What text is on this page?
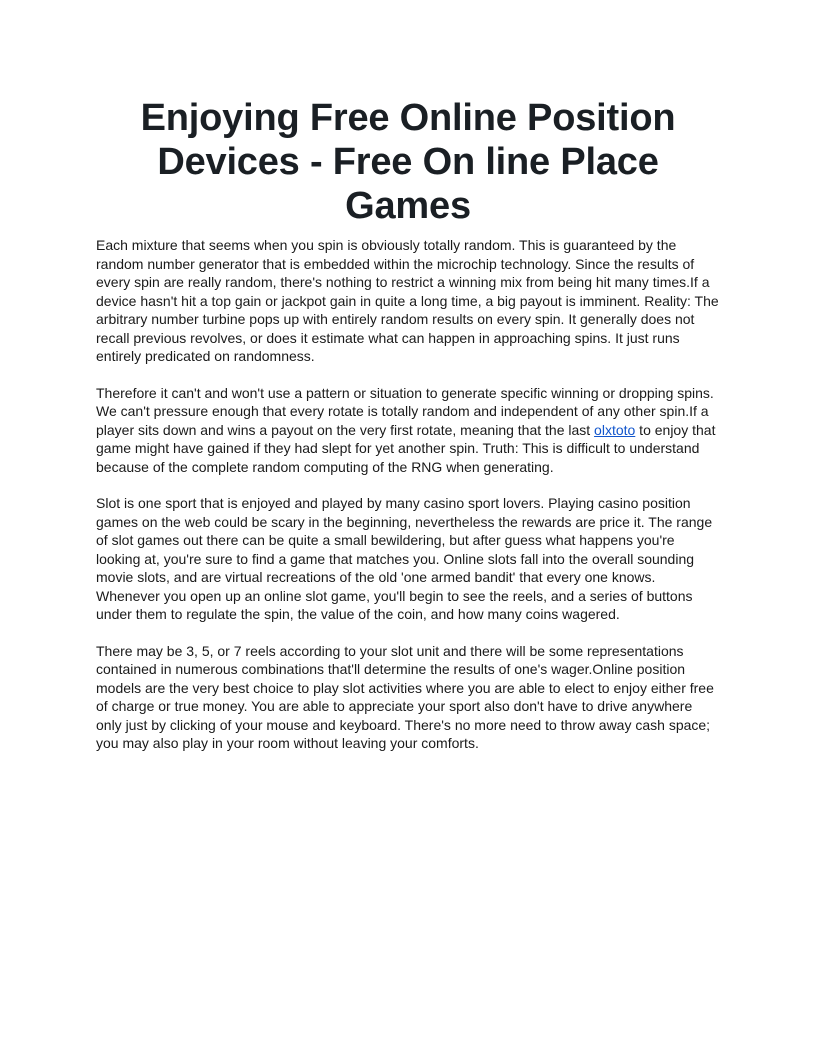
Enjoying Free Online Position Devices - Free On line Place Games

Each mixture that seems when you spin is obviously totally random. This is guaranteed by the random number generator that is embedded within the microchip technology. Since the results of every spin are really random, there's nothing to restrict a winning mix from being hit many times.If a device hasn't hit a top gain or jackpot gain in quite a long time, a big payout is imminent. Reality: The arbitrary number turbine pops up with entirely random results on every spin. It generally does not recall previous revolves, or does it estimate what can happen in approaching spins. It just runs entirely predicated on randomness.

Therefore it can't and won't use a pattern or situation to generate specific winning or dropping spins. We can't pressure enough that every rotate is totally random and independent of any other spin.If a player sits down and wins a payout on the very first rotate, meaning that the last olxtoto to enjoy that game might have gained if they had slept for yet another spin. Truth: This is difficult to understand because of the complete random computing of the RNG when generating.

Slot is one sport that is enjoyed and played by many casino sport lovers. Playing casino position games on the web could be scary in the beginning, nevertheless the rewards are price it. The range of slot games out there can be quite a small bewildering, but after guess what happens you're looking at, you're sure to find a game that matches you. Online slots fall into the overall sounding movie slots, and are virtual recreations of the old 'one armed bandit' that every one knows. Whenever you open up an online slot game, you'll begin to see the reels, and a series of buttons under them to regulate the spin, the value of the coin, and how many coins wagered.

There may be 3, 5, or 7 reels according to your slot unit and there will be some representations contained in numerous combinations that'll determine the results of one's wager.Online position models are the very best choice to play slot activities where you are able to elect to enjoy either free of charge or true money. You are able to appreciate your sport also don't have to drive anywhere only just by clicking of your mouse and keyboard. There's no more need to throw away cash space; you may also play in your room without leaving your comforts.
